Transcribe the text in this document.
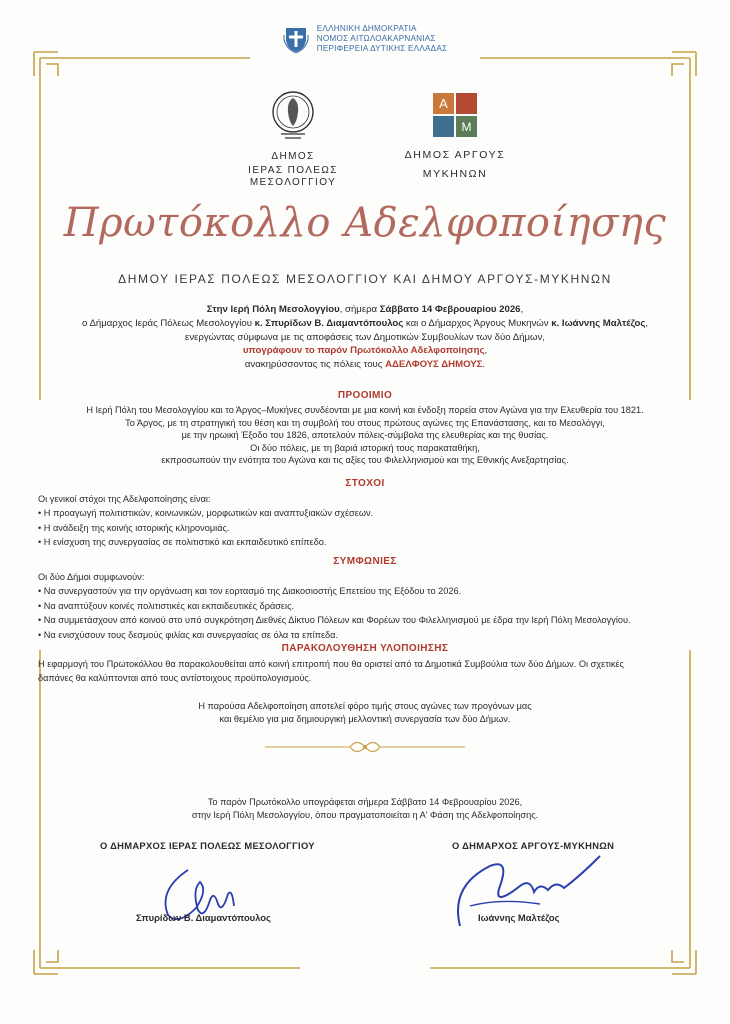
ΕΛΛΗΝΙΚΗ ΔΗΜΟΚΡΑΤΙΑ
ΝΟΜΟΣ ΑΙΤΩΛΟΑΚΑΡΝΑΝΙΑΣ
ΠΕΡΙΦΕΡΕΙΑ ΔΥΤΙΚΗΣ ΕΛΛΑΔΑΣ
ΔΗΜΟΣ
ΙΕΡΑΣ ΠΟΛΕΩΣ ΜΕΣΟΛΟΓΓΙΟΥ
Α
Μ
ΔΗΜΟΣ ΑΡΓΟΥΣ
ΜΥΚΗΝΩΝ
Πρωτόκολλο Αδελφοποίησης
ΔΗΜΟΥ ΙΕΡΑΣ ΠΟΛΕΩΣ ΜΕΣΟΛΟΓΓΙΟΥ ΚΑΙ ΔΗΜΟΥ ΑΡΓΟΥΣ-ΜΥΚΗΝΩΝ
Στην Ιερή Πόλη Μεσολογγίου, σήμερα Σάββατο 14 Φεβρουαρίου 2026,
ο Δήμαρχος Ιεράς Πόλεως Μεσολογγίου κ. Σπυρίδων Β. Διαμαντόπουλος και ο Δήμαρχος Άργους Μυκηνών κ. Ιωάννης Μαλτέζος,
ενεργώντας σύμφωνα με τις αποφάσεις των Δημοτικών Συμβουλίων των δύο Δήμων,
υπογράφουν το παρόν Πρωτόκολλο Αδελφοποίησης,
ανακηρύσσοντας τις πόλεις τους ΑΔΕΛΦΟΥΣ ΔΗΜΟΥΣ.
ΠΡΟΟΙΜΙΟ

Η Ιερή Πόλη του Μεσολογγίου και το Άργος–Μυκήνες συνδέονται με μια κοινή και ένδοξη πορεία στον Αγώνα για την Ελευθερία του 1821.

Το Άργος, με τη στρατηγική του θέση και τη συμβολή του στους πρώτους αγώνες της Επανάστασης, και το Μεσολόγγι,

με την ηρωική Έξοδο του 1826, αποτελούν πόλεις-σύμβολα της ελευθερίας και της θυσίας.

Οι δύο πόλεις, με τη βαριά ιστορική τους παρακαταθήκη,

εκπροσωπούν την ενότητα του Αγώνα και τις αξίες του Φιλελληνισμού και της Εθνικής Ανεξαρτησίας.

ΣΤΟΧΟΙ

Οι γενικοί στόχοι της Αδελφοποίησης είναι:

• Η προαγωγή πολιτιστικών, κοινωνικών, μορφωτικών και αναπτυξιακών σχέσεων.

• Η ανάδειξη της κοινής ιστορικής κληρονομιάς.

• Η ενίσχυση της συνεργασίας σε πολιτιστικό και εκπαιδευτικό επίπεδο.

ΣΥΜΦΩΝΙΕΣ

Οι δύο Δήμοι συμφωνούν:

• Να συνεργαστούν για την οργάνωση και τον εορτασμό της Διακοσιοστής Επετείου της Εξόδου το 2026.

• Να αναπτύξουν κοινές πολιτιστικές και εκπαιδευτικές δράσεις.

• Να συμμετάσχουν από κοινού στο υπό συγκρότηση Διεθνές Δίκτυο Πόλεων και Φορέων του Φιλελληνισμού με έδρα την Ιερή Πόλη Μεσολογγίου.

• Να ενισχύσουν τους δεσμούς φιλίας και συνεργασίας σε όλα τα επίπεδα.

ΠΑΡΑΚΟΛΟΥΘΗΣΗ ΥΛΟΠΟΙΗΣΗΣ

Η εφαρμογή του Πρωτοκόλλου θα παρακολουθείται από κοινή επιτροπή που θα οριστεί από τα Δημοτικά Συμβούλια των δύο Δήμων. Οι σχετικές

δαπάνες θα καλύπτονται από τους αντίστοιχους προϋπολογισμούς.

Η παρούσα Αδελφοποίηση αποτελεί φόρο τιμής στους αγώνες των προγόνων μας

και θεμέλιο για μια δημιουργική μελλοντική συνεργασία των δύο Δήμων.

Το παρόν Πρωτόκολλο υπογράφεται σήμερα Σάββατο 14 Φεβρουαρίου 2026,
στην Ιερή Πόλη Μεσολογγίου, όπου πραγματοποιείται η Α' Φάση της Αδελφοποίησης.
Ο ΔΗΜΑΡΧΟΣ ΙΕΡΑΣ ΠΟΛΕΩΣ ΜΕΣΟΛΟΓΓΙΟΥ	Ο ΔΗΜΑΡΧΟΣ ΑΡΓΟΥΣ-ΜΥΚΗΝΩΝ
Σπυρίδων Β. Διαμαντόπουλος	Ιωάννης Μαλτέζος
